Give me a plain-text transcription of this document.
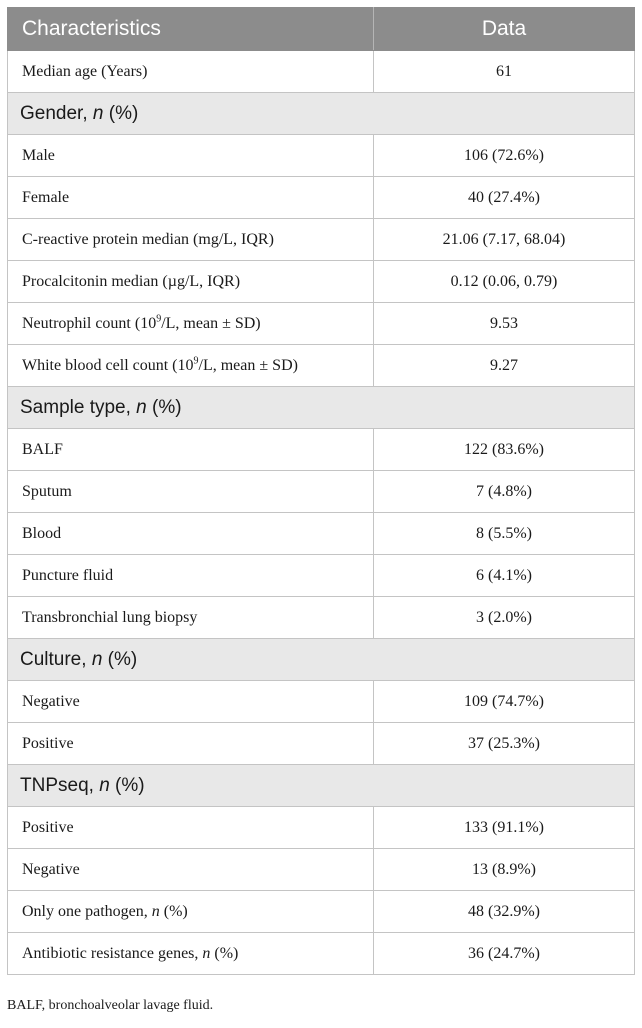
Characteristics	Data
Median age (Years)	61
Gender, n (%)	
Male	106 (72.6%)
Female	40 (27.4%)
C-reactive protein median (mg/L, IQR)	21.06 (7.17, 68.04)
Procalcitonin median (µg/L, IQR)	0.12 (0.06, 0.79)
Neutrophil count ($10^9/L$, mean ± SD)	9.53
White blood cell count ($10^9/L$, mean ± SD)	9.27
Sample type, n (%)	
BALF	122 (83.6%)
Sputum	7 (4.8%)
Blood	8 (5.5%)
Puncture fluid	6 (4.1%)
Transbronchial lung biopsy	3 (2.0%)
Culture, n (%)	
Negative	109 (74.7%)
Positive	37 (25.3%)
TNPseq, n (%)	
Positive	133 (91.1%)
Negative	13 (8.9%)
Only one pathogen, n (%)	48 (32.9%)
Antibiotic resistance genes, n (%)	36 (24.7%)
BALF, bronchoalveolar lavage fluid.
